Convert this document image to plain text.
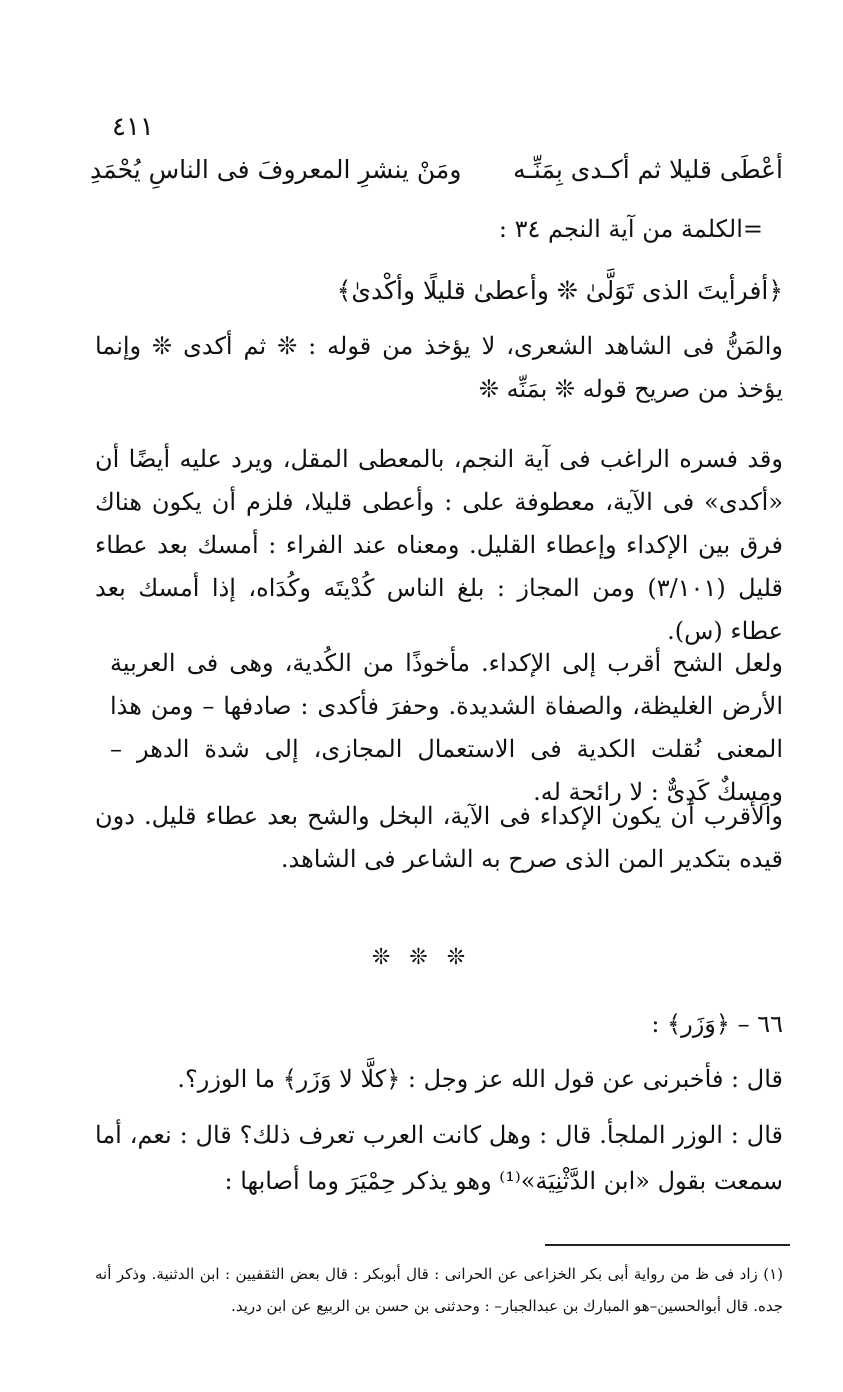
٤١١
أعْطَى قليلا ثم أكـدى بِمَنِّـه
ومَنْ ينشرِ المعروفَ فى الناسِ يُحْمَدِ
=الكلمة من آية النجم ٣٤ :
﴿أفرأيتَ الذى تَوَلَّىٰ ❊ وأعطىٰ قليلًا وأكْدىٰ﴾
والمَنُّ فى الشاهد الشعرى، لا يؤخذ من قوله : ❊ ثم أكدى ❊ وإنما يؤخذ من صريح قوله ❊ بمَنِّه ❊
وقد فسره الراغب فى آية النجم، بالمعطى المقل، ويرد عليه أيضًا أن «أكدى» فى الآية، معطوفة على : وأعطى قليلا، فلزم أن يكون هناك فرق بين الإكداء وإعطاء القليل. ومعناه عند الفراء : أمسك بعد عطاء قليل (٣/١٠١) ومن المجاز : بلغ الناس كُدْيتَه وكُدَاه، إذا أمسك بعد عطاء (س).
ولعل الشح أقرب إلى الإكداء. مأخوذًا من الكُدية، وهى فى العربية الأرض الغليظة، والصفاة الشديدة. وحفرَ فأكدى : صادفها – ومن هذا المعنى نُقلت الكدية فى الاستعمال المجازى، إلى شدة الدهر – ومِسكٌ كَدِىٌّ : لا رائحة له.
والأقرب أن يكون الإكداء فى الآية، البخل والشح بعد عطاء قليل. دون قيده بتكدير المن الذى صرح به الشاعر فى الشاهد.
❊ ❊ ❊
٦٦ – ﴿وَزَر﴾ :
قال : فأخبرنى عن قول الله عز وجل : ﴿كلَّا لا وَزَر﴾ ما الوزر؟.
قال : الوزر الملجأ. قال : وهل كانت العرب تعرف ذلك؟ قال : نعم، أما سمعت بقول «ابن الدَّثْنِيَة»⁽¹⁾ وهو يذكر حِمْيَرَ وما أصابها :
(١) زاد فى ظ من رواية أبى بكر الخزاعى عن الحرانى : قال أبوبكر : قال بعض الثقفيين : ابن الدثنية. وذكر أنه جده. قال أبوالحسين–هو المبارك بن عبدالجبار– : وحدثنى بن حسن بن الربيع عن ابن دريد.
